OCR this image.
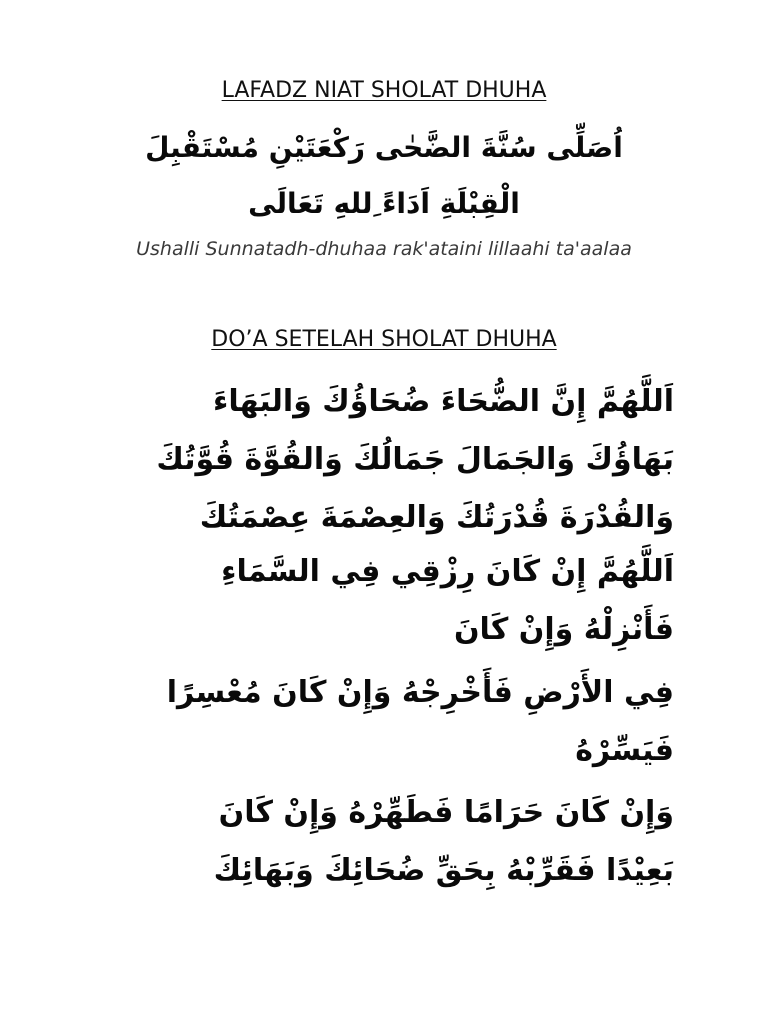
LAFADZ NIAT SHOLAT DHUHA
اُصَلِّى سُنَّةَ الضَّحٰى رَكْعَتَيْنِ مُسْتَقْبِلَ
الْقِبْلَةِ اَدَاءً ِللهِ تَعَالَى
Ushalli Sunnatadh-dhuhaa rak'ataini lillaahi ta'aalaa
DO’A SETELAH SHOLAT DHUHA
اَللَّهُمَّ إِنَّ الضُّحَاءَ ضُحَاؤُكَ وَالبَهَاءَ
بَهَاؤُكَ وَالجَمَالَ جَمَالُكَ وَالقُوَّةَ قُوَّتُكَ
وَالقُدْرَةَ قُدْرَتُكَ وَالعِصْمَةَ عِصْمَتُكَ
اَللَّهُمَّ إِنْ كَانَ رِزْقِي فِي السَّمَاءِ
فَأَنْزِلْهُ وَإِنْ كَانَ
فِي الأَرْضِ فَأَخْرِجْهُ وَإِنْ كَانَ مُعْسِرًا
فَيَسِّرْهُ
وَإِنْ كَانَ حَرَامًا فَطَهِّرْهُ وَإِنْ كَانَ
بَعِيْدًا فَقَرِّبْهُ بِحَقِّ ضُحَائِكَ وَبَهَائِكَ
